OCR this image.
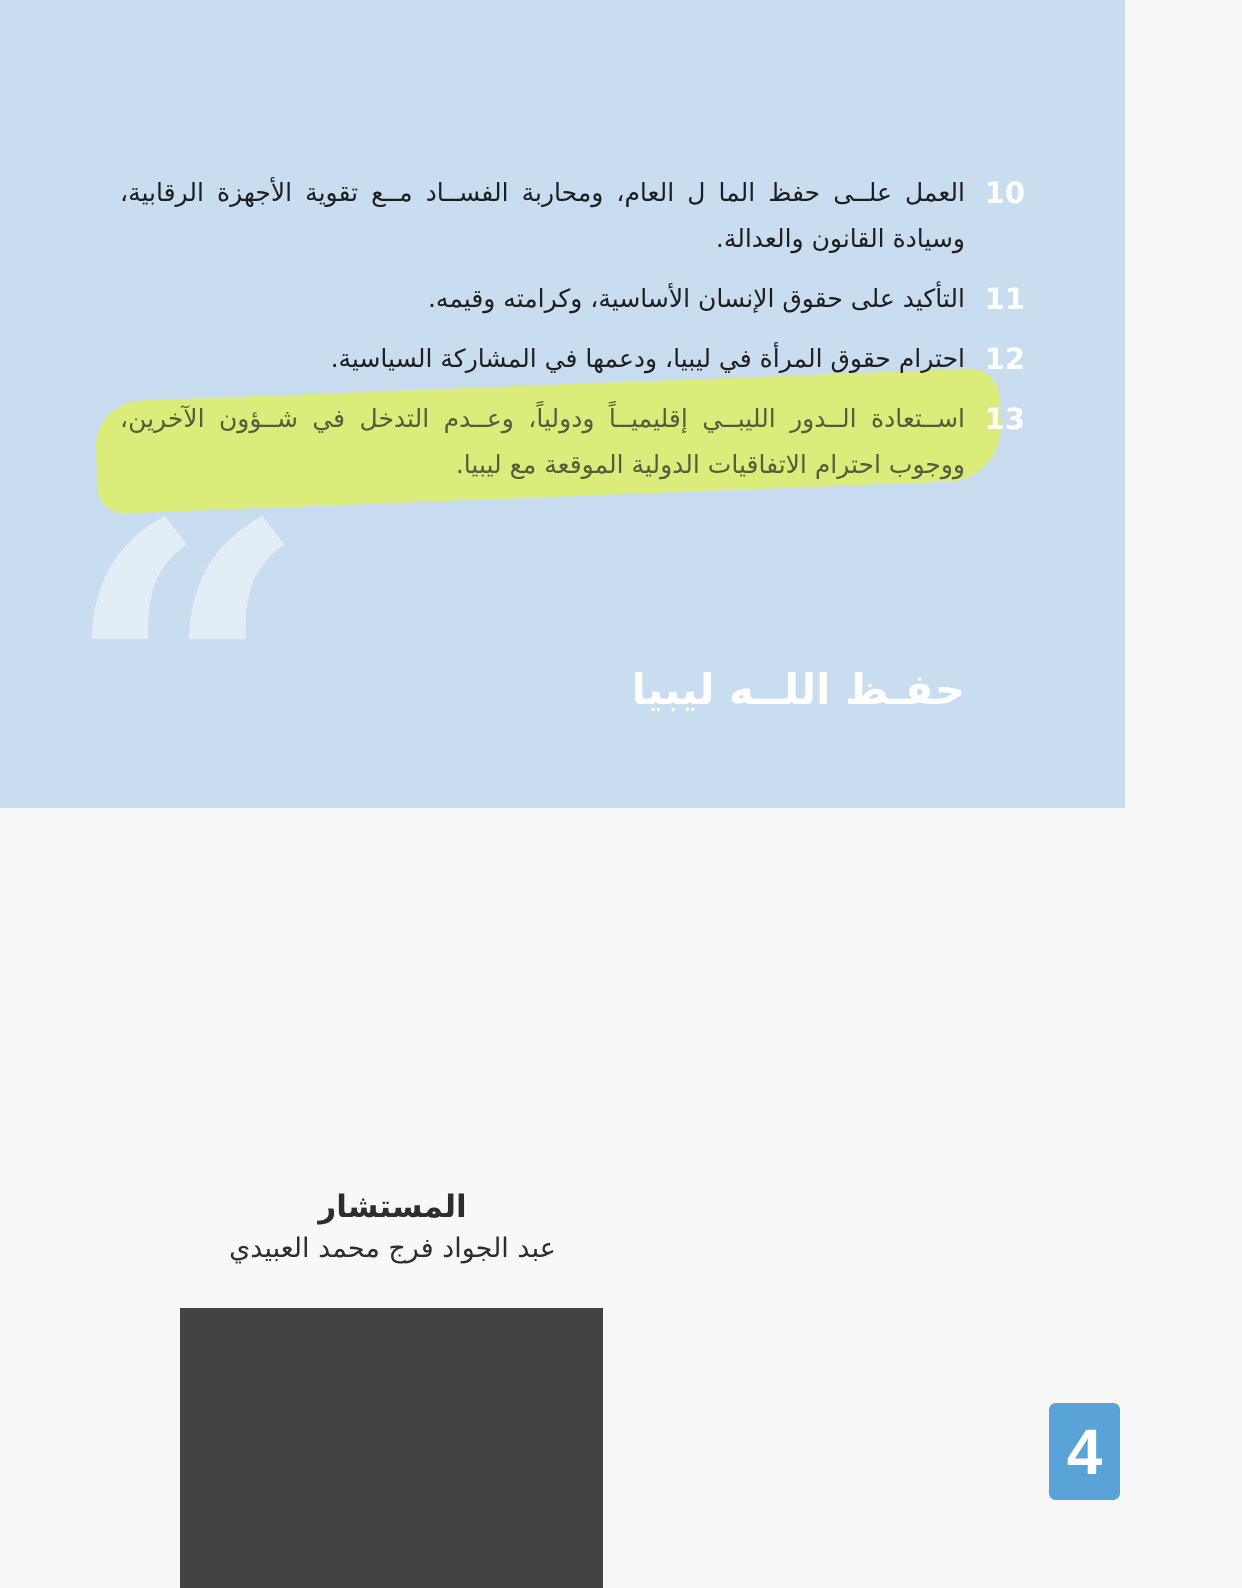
10
العمل علــى حفظ الما ل العام، ومحاربة الفســاد مــع تقوية الأجهزة الرقابية، وسيادة القانون والعدالة.
11
التأكيد على حقوق الإنسان الأساسية، وكرامته وقيمه.
12
احترام حقوق المرأة في ليبيا، ودعمها في المشاركة السياسية.
13
اســتعادة الــدور الليبــي إقليميــاً ودولياً، وعــدم التدخل في شــؤون الآخرين، ووجوب احترام الاتفاقيات الدولية الموقعة مع ليبيا.
“	حفـظ اللــه ليبيا
المستشار
عبد الجواد فرج محمد العبيدي
4
